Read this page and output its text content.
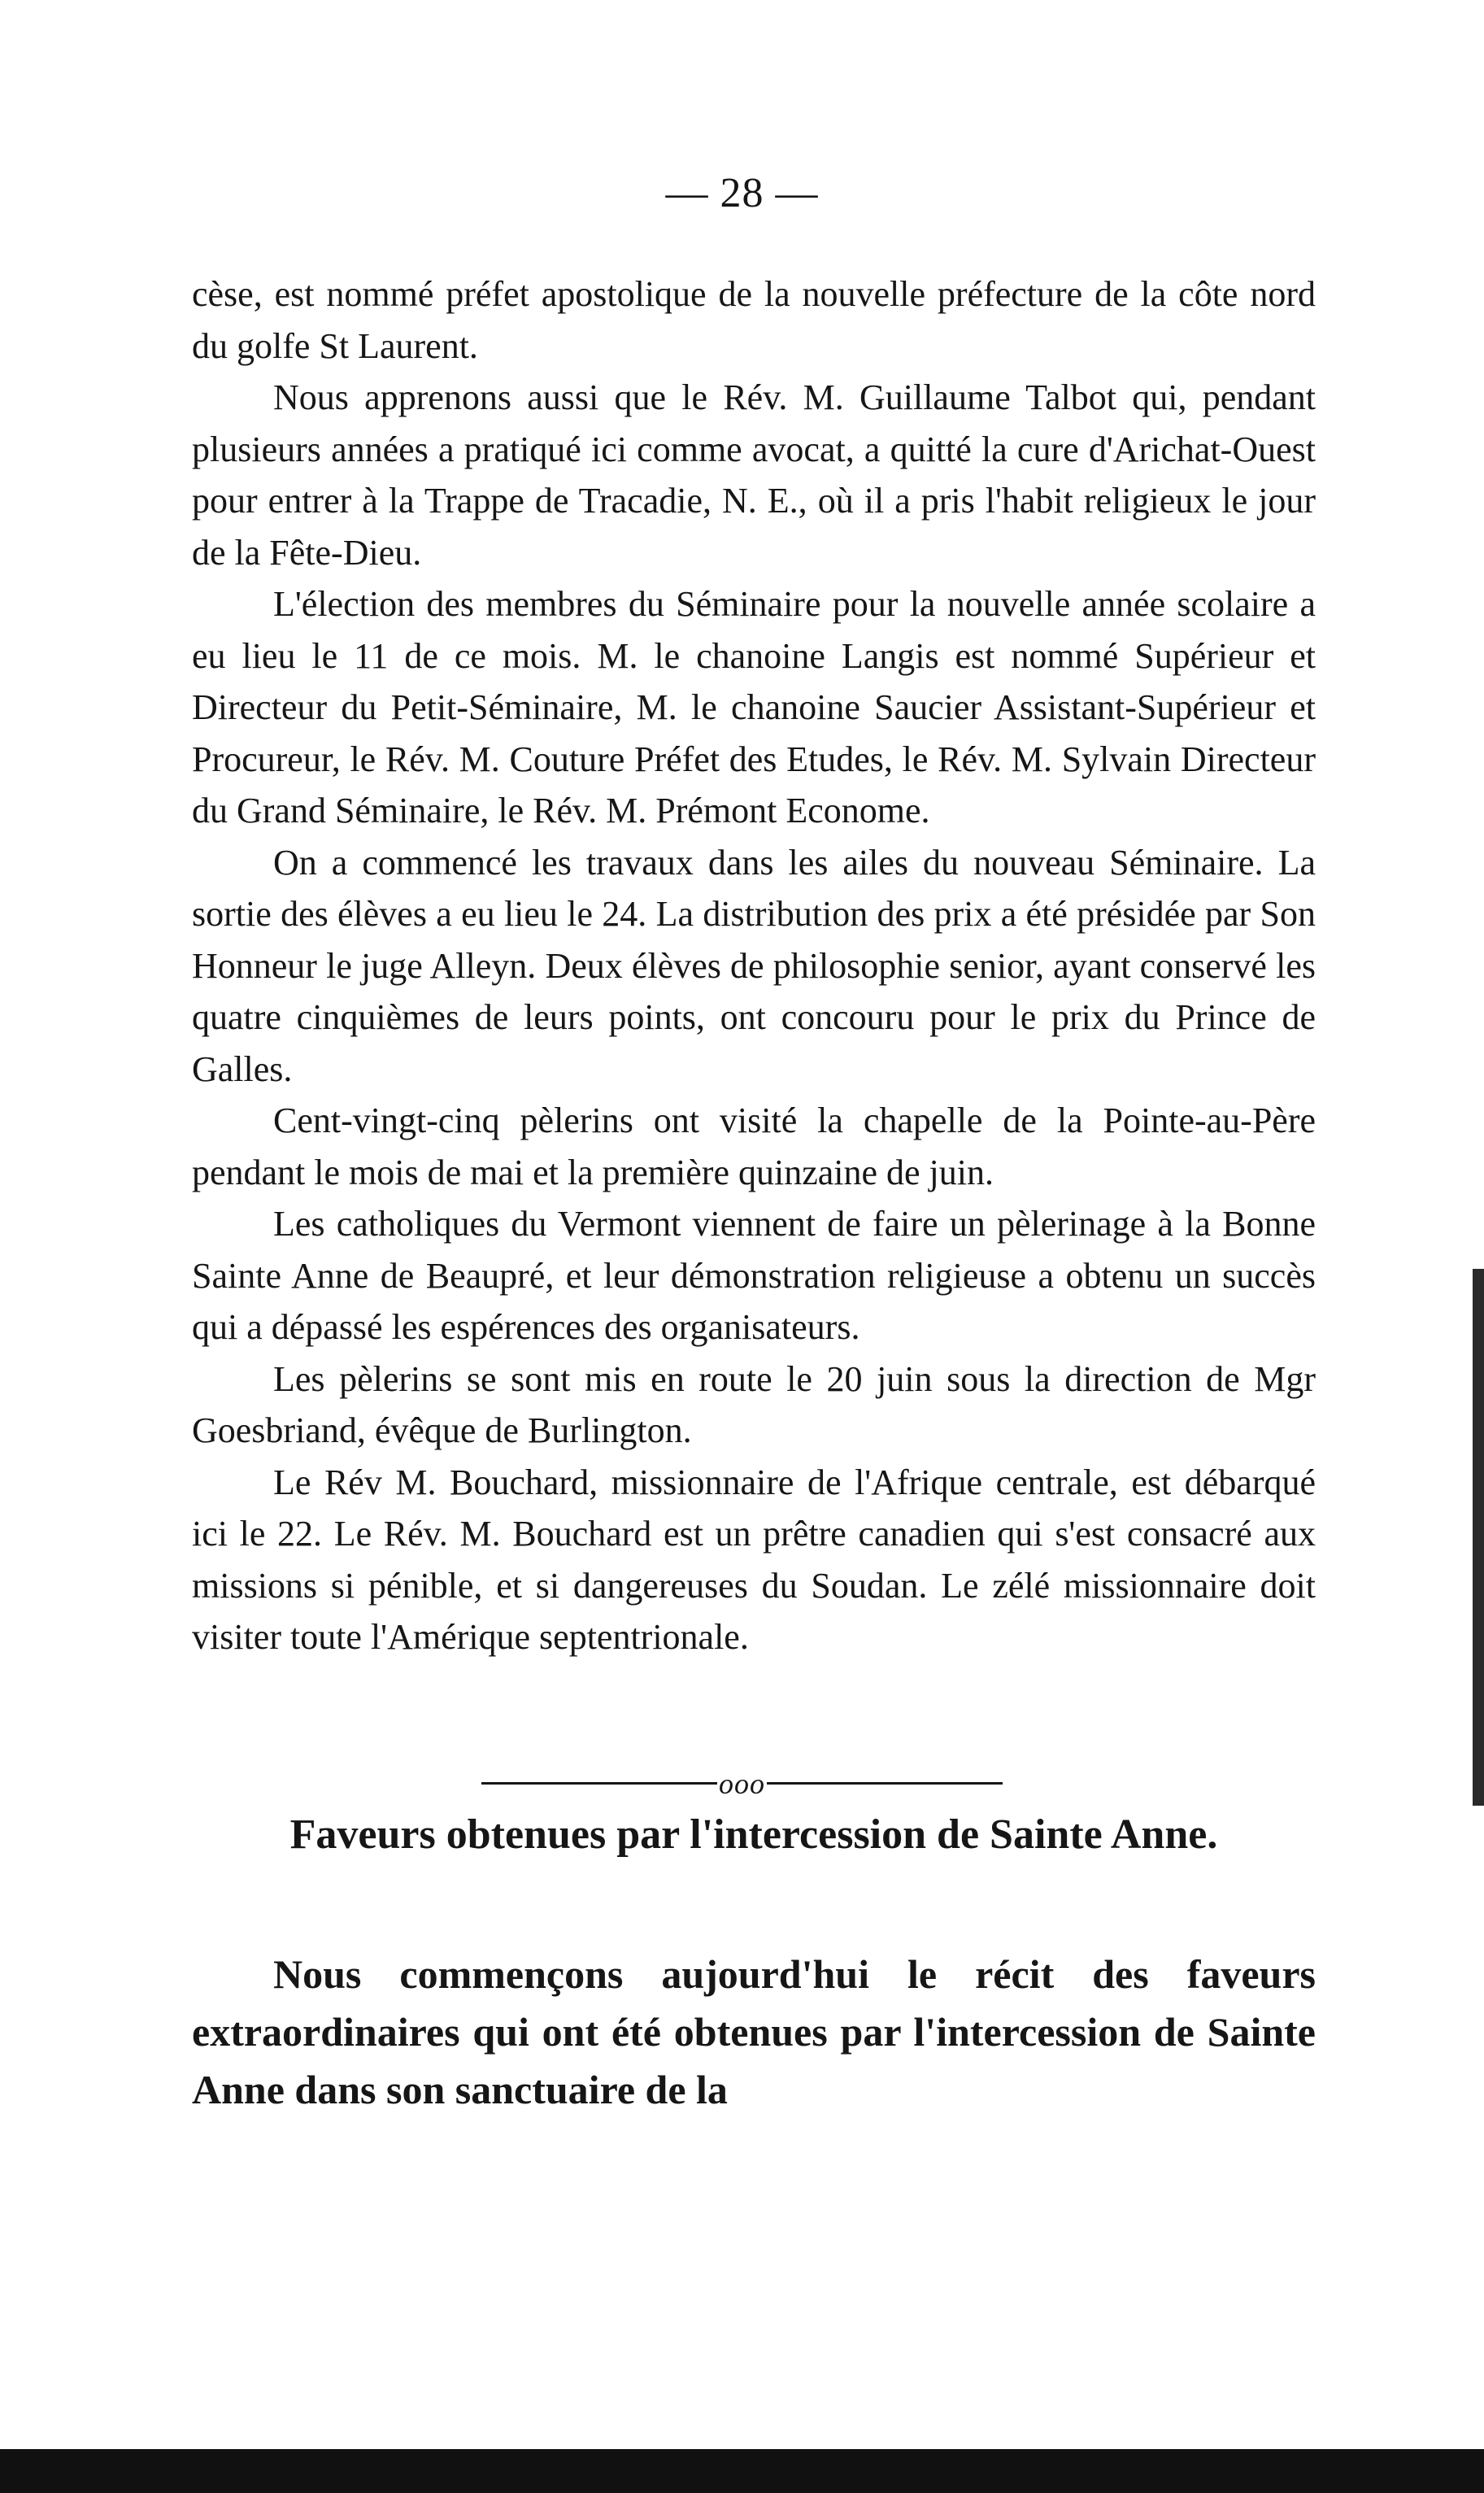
— 28 —

cèse, est nommé préfet apostolique de la nouvelle préfecture de la côte nord du golfe St Laurent.

Nous apprenons aussi que le Rév. M. Guillaume Talbot qui, pendant plusieurs années a pratiqué ici comme avocat, a quitté la cure d'Arichat-Ouest pour entrer à la Trappe de Tracadie, N. E., où il a pris l'habit religieux le jour de la Fête-Dieu.

L'élection des membres du Séminaire pour la nouvelle année scolaire a eu lieu le 11 de ce mois. M. le chanoine Langis est nommé Supérieur et Directeur du Petit-Séminaire, M. le chanoine Saucier Assistant-Supérieur et Procureur, le Rév. M. Couture Préfet des Etudes, le Rév. M. Sylvain Directeur du Grand Séminaire, le Rév. M. Prémont Econome.

On a commencé les travaux dans les ailes du nouveau Séminaire. La sortie des élèves a eu lieu le 24. La distribution des prix a été présidée par Son Honneur le juge Alleyn. Deux élèves de philosophie senior, ayant conservé les quatre cinquièmes de leurs points, ont concouru pour le prix du Prince de Galles.

Cent-vingt-cinq pèlerins ont visité la chapelle de la Pointe-au-Père pendant le mois de mai et la première quinzaine de juin.

Les catholiques du Vermont viennent de faire un pèlerinage à la Bonne Sainte Anne de Beaupré, et leur démonstration religieuse a obtenu un succès qui a dépassé les espérences des organisateurs.

Les pèlerins se sont mis en route le 20 juin sous la direction de Mgr Goesbriand, évêque de Burlington.

Le Rév M. Bouchard, missionnaire de l'Afrique centrale, est débarqué ici le 22. Le Rév. M. Bouchard est un prêtre canadien qui s'est consacré aux missions si pénible, et si dangereuses du Soudan. Le zélé missionnaire doit visiter toute l'Amérique septentrionale.

ooo
Faveurs obtenues par l'intercession de Sainte Anne.

Nous commençons aujourd'hui le récit des faveurs extraordinaires qui ont été obtenues par l'intercession de Sainte Anne dans son sanctuaire de la
